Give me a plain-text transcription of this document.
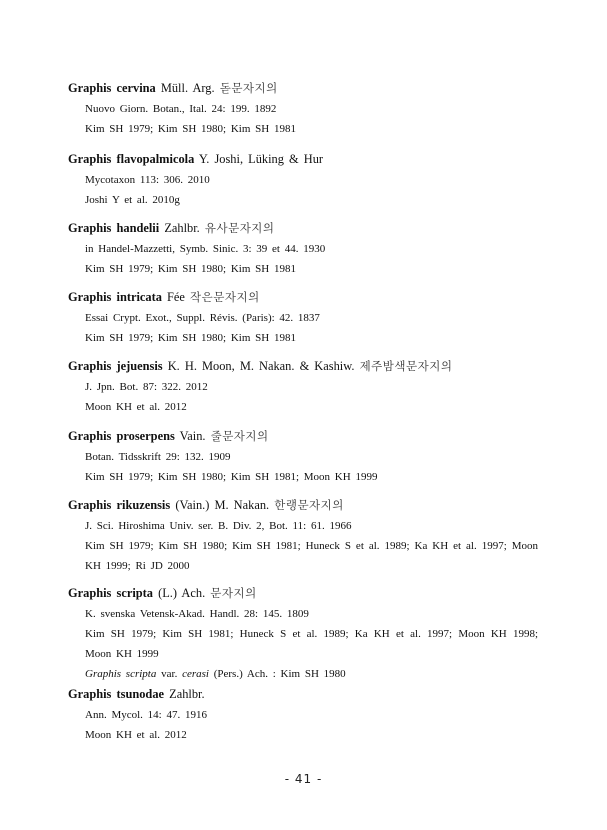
Graphis cervina Müll. Arg. 돋문자지의

Nuovo Giorn. Botan., Ital. 24: 199. 1892

Kim SH 1979; Kim SH 1980; Kim SH 1981

Graphis flavopalmicola Y. Joshi, Lüking & Hur

Mycotaxon 113: 306. 2010

Joshi Y et al. 2010g

Graphis handelii Zahlbr. 유사문자지의

in Handel-Mazzetti, Symb. Sinic. 3: 39 et 44. 1930

Kim SH 1979; Kim SH 1980; Kim SH 1981

Graphis intricata Fée 작은문자지의

Essai Crypt. Exot., Suppl. Révis. (Paris): 42. 1837

Kim SH 1979; Kim SH 1980; Kim SH 1981

Graphis jejuensis K. H. Moon, M. Nakan. & Kashiw. 제주밤색문자지의

J. Jpn. Bot. 87: 322. 2012

Moon KH et al. 2012

Graphis proserpens Vain. 줄문자지의

Botan. Tidsskrift 29: 132. 1909

Kim SH 1979; Kim SH 1980; Kim SH 1981; Moon KH 1999

Graphis rikuzensis (Vain.) M. Nakan. 한랭문자지의

J. Sci. Hiroshima Univ. ser. B. Div. 2, Bot. 11: 61. 1966

Kim SH 1979; Kim SH 1980; Kim SH 1981; Huneck S et al. 1989; Ka KH et al. 1997; Moon KH 1999; Ri JD 2000

Graphis scripta (L.) Ach. 문자지의

K. svenska Vetensk-Akad. Handl. 28: 145. 1809

Kim SH 1979; Kim SH 1981; Huneck S et al. 1989; Ka KH et al. 1997; Moon KH 1998; Moon KH 1999

Graphis scripta var. cerasi (Pers.) Ach. : Kim SH 1980

Graphis tsunodae Zahlbr.

Ann. Mycol. 14: 47. 1916

Moon KH et al. 2012

- 41 -
